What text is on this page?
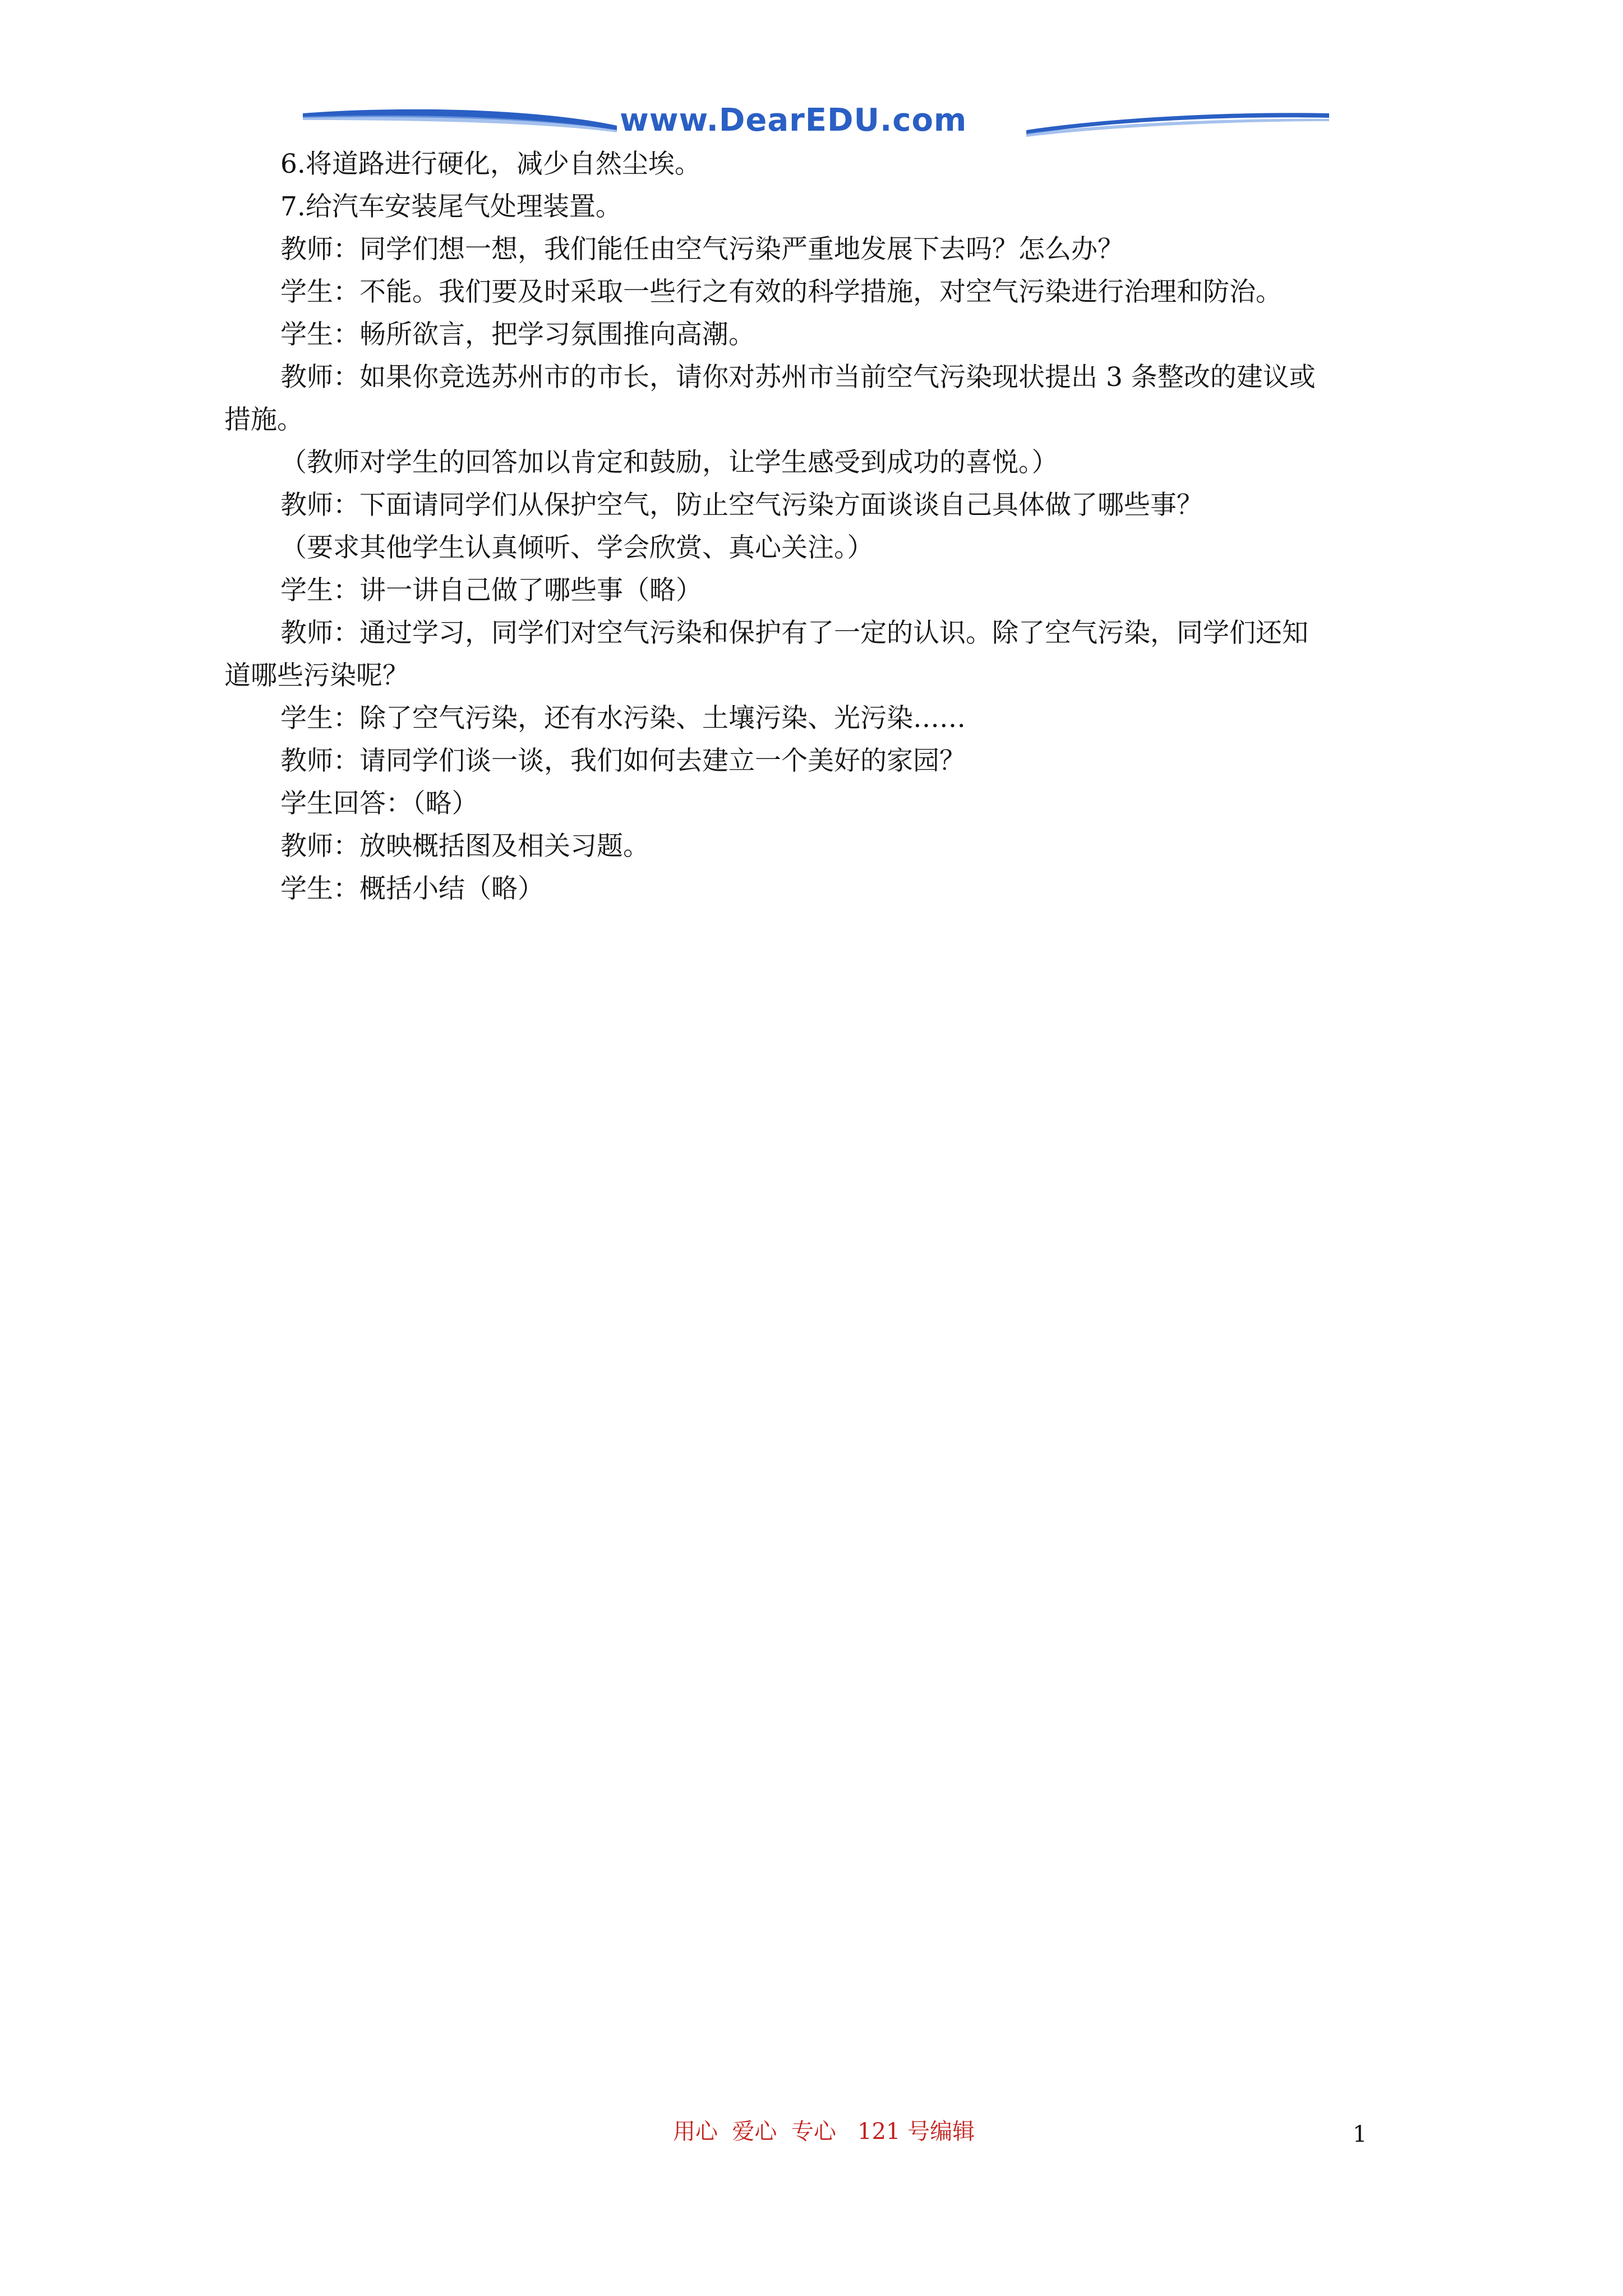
www.DearEDU.com

6.将道路进行硬化，减少自然尘埃。

7.给汽车安装尾气处理装置。

教师：同学们想一想，我们能任由空气污染严重地发展下去吗？怎么办？

学生：不能。我们要及时采取一些行之有效的科学措施，对空气污染进行治理和防治。

学生：畅所欲言，把学习氛围推向高潮。

教师：如果你竞选苏州市的市长，请你对苏州市当前空气污染现状提出 3 条整改的建议或

措施。

（教师对学生的回答加以肯定和鼓励，让学生感受到成功的喜悦。）

教师：下面请同学们从保护空气，防止空气污染方面谈谈自己具体做了哪些事？

（要求其他学生认真倾听、学会欣赏、真心关注。）

学生：讲一讲自己做了哪些事（略）

教师：通过学习，同学们对空气污染和保护有了一定的认识。除了空气污染，同学们还知

道哪些污染呢？

学生：除了空气污染，还有水污染、土壤污染、光污染……

教师：请同学们谈一谈，我们如何去建立一个美好的家园？

学生回答：（略）

教师：放映概括图及相关习题。

学生：概括小结（略）

用心  爱心  专心   121 号编辑	1
